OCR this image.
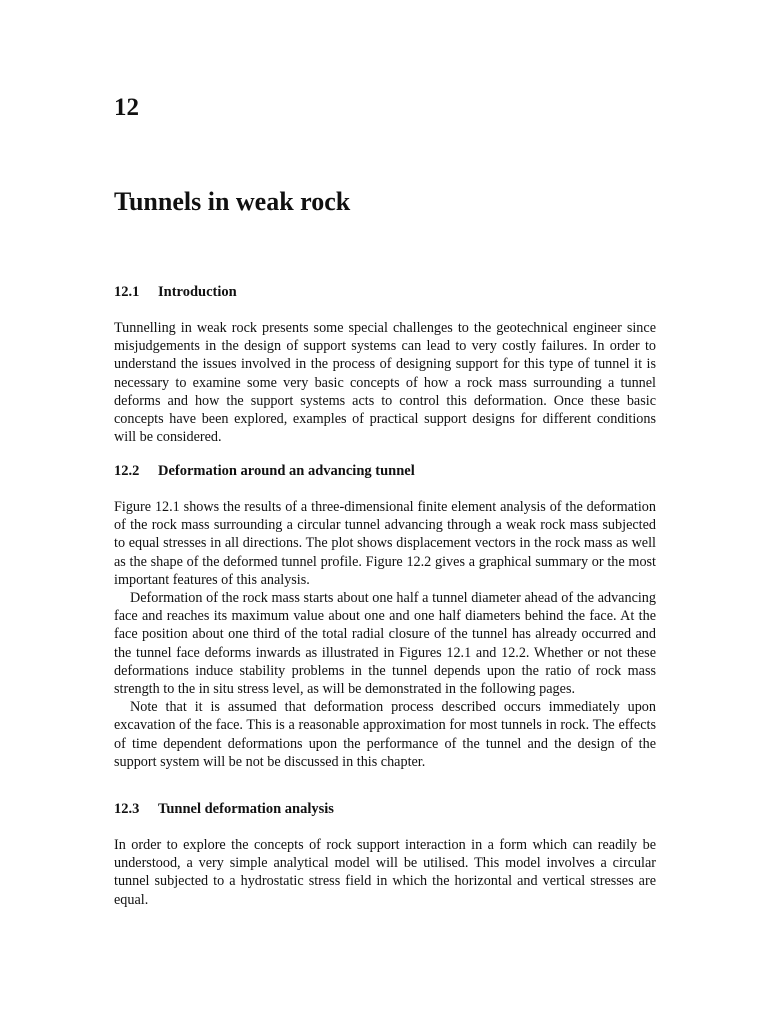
12
Tunnels in weak rock
12.1 Introduction

Tunnelling in weak rock presents some special challenges to the geotechnical engineer since misjudgements in the design of support systems can lead to very costly failures. In order to understand the issues involved in the process of designing support for this type of tunnel it is necessary to examine some very basic concepts of how a rock mass surrounding a tunnel deforms and how the support systems acts to control this deformation. Once these basic concepts have been explored, examples of practical support designs for different conditions will be considered.

12.2 Deformation around an advancing tunnel

Figure 12.1 shows the results of a three-dimensional finite element analysis of the deformation of the rock mass surrounding a circular tunnel advancing through a weak rock mass subjected to equal stresses in all directions. The plot shows displacement vectors in the rock mass as well as the shape of the deformed tunnel profile. Figure 12.2 gives a graphical summary or the most important features of this analysis.

Deformation of the rock mass starts about one half a tunnel diameter ahead of the advancing face and reaches its maximum value about one and one half diameters behind the face. At the face position about one third of the total radial closure of the tunnel has already occurred and the tunnel face deforms inwards as illustrated in Figures 12.1 and 12.2. Whether or not these deformations induce stability problems in the tunnel depends upon the ratio of rock mass strength to the in situ stress level, as will be demonstrated in the following pages.

Note that it is assumed that deformation process described occurs immediately upon excavation of the face. This is a reasonable approximation for most tunnels in rock. The effects of time dependent deformations upon the performance of the tunnel and the design of the support system will be not be discussed in this chapter.

12.3 Tunnel deformation analysis

In order to explore the concepts of rock support interaction in a form which can readily be understood, a very simple analytical model will be utilised. This model involves a circular tunnel subjected to a hydrostatic stress field in which the horizontal and vertical stresses are equal.
